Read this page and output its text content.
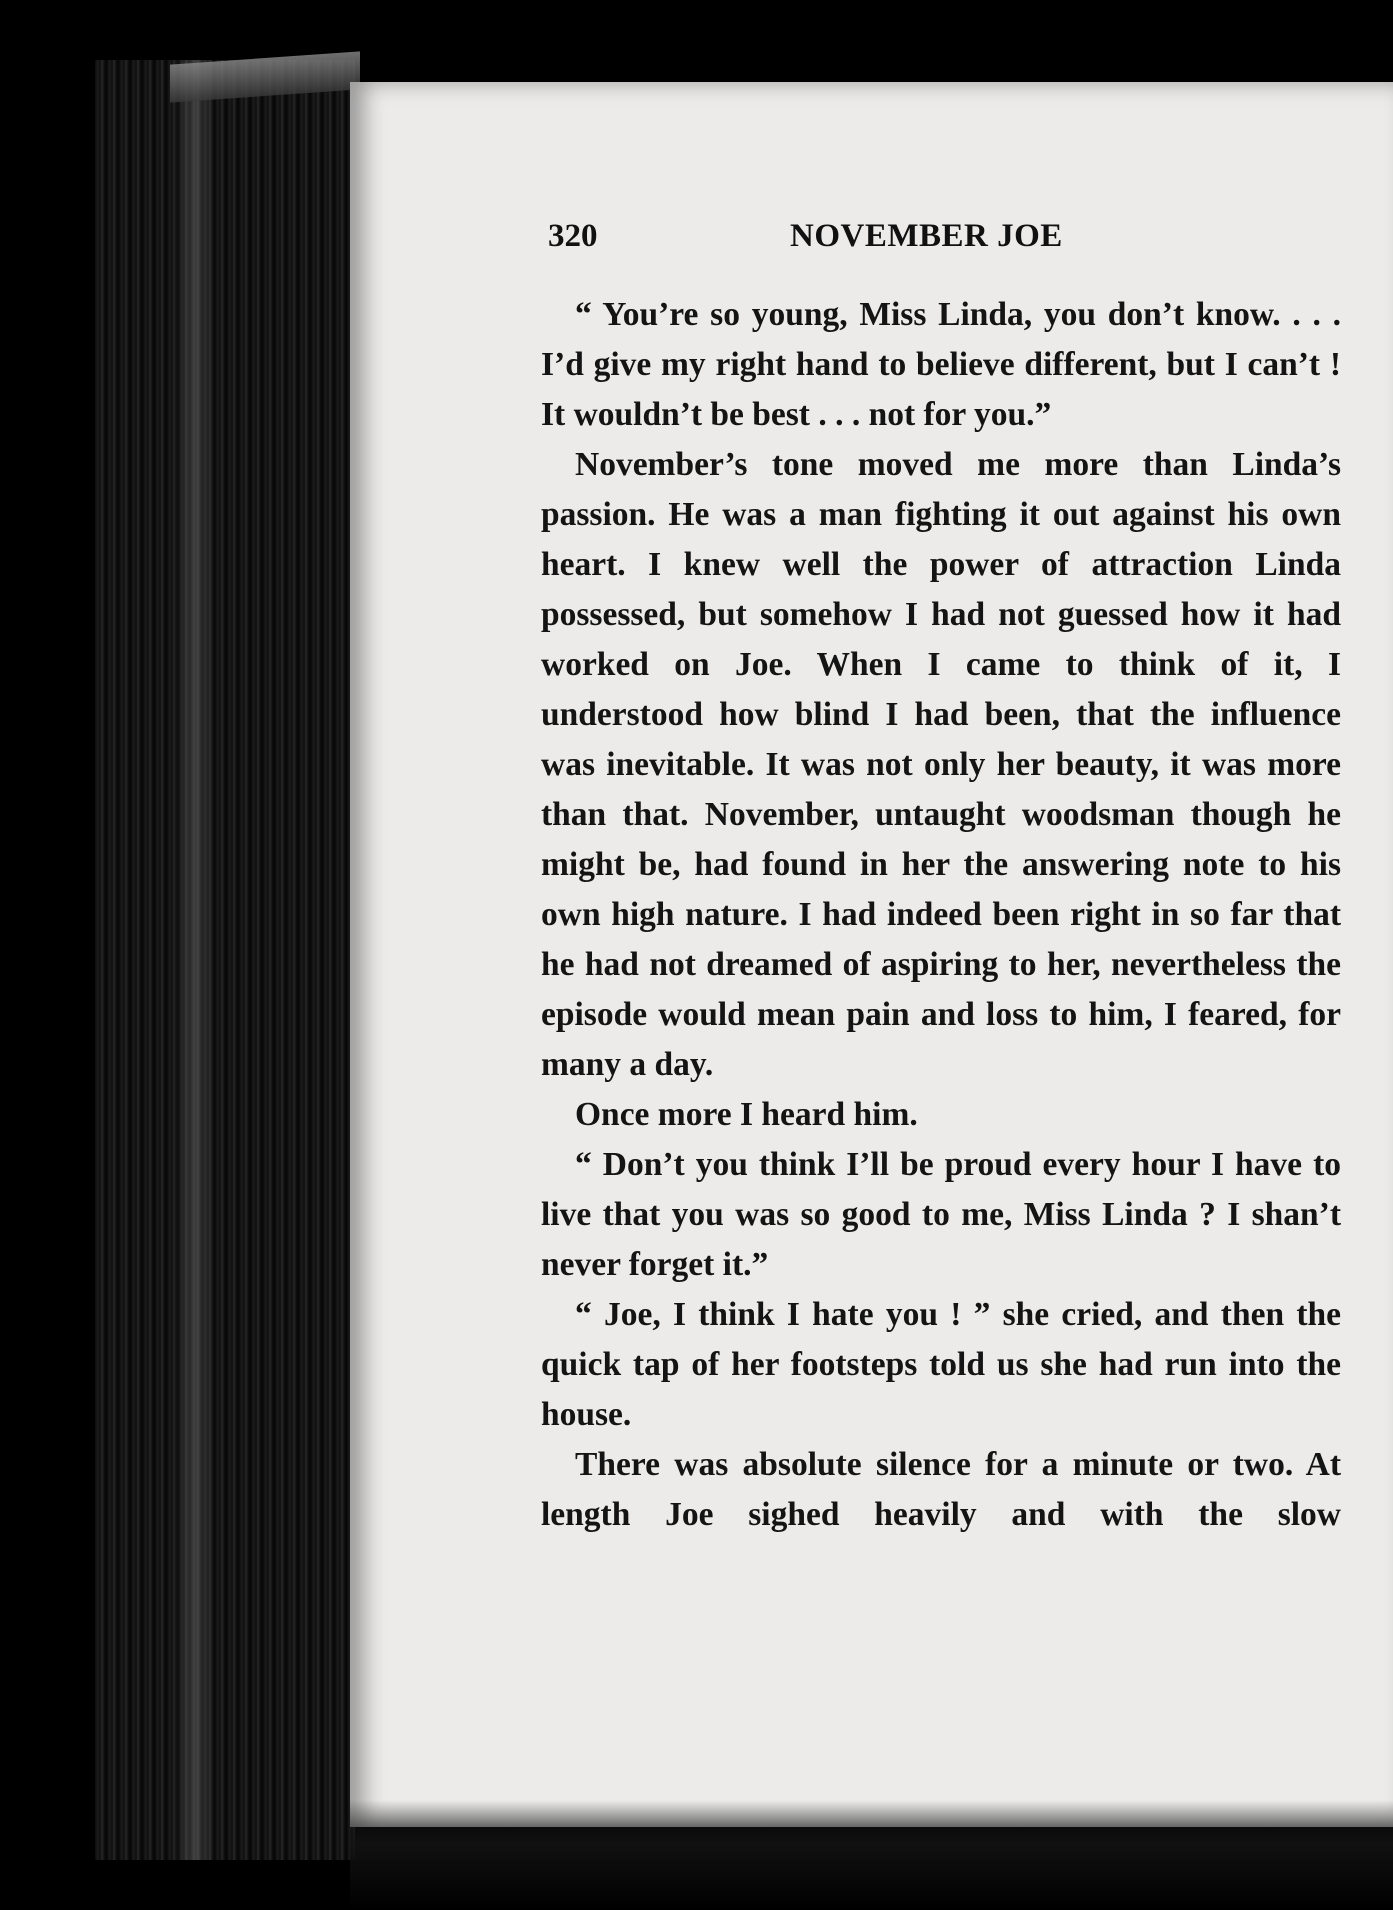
320	NOVEMBER JOE

“ You’re so young, Miss Linda, you don’t know. . . . I’d give my right hand to believe different, but I can’t ! It wouldn’t be best . . . not for you.”

November’s tone moved me more than Linda’s passion. He was a man fighting it out against his own heart. I knew well the power of attraction Linda possessed, but somehow I had not guessed how it had worked on Joe. When I came to think of it, I understood how blind I had been, that the influence was inevitable. It was not only her beauty, it was more than that. November, untaught woodsman though he might be, had found in her the answering note to his own high nature. I had indeed been right in so far that he had not dreamed of aspiring to her, nevertheless the episode would mean pain and loss to him, I feared, for many a day.

Once more I heard him.

“ Don’t you think I’ll be proud every hour I have to live that you was so good to me, Miss Linda ? I shan’t never forget it.”

“ Joe, I think I hate you ! ” she cried, and then the quick tap of her footsteps told us she had run into the house.

There was absolute silence for a minute or two. At length Joe sighed heavily and with the slow
